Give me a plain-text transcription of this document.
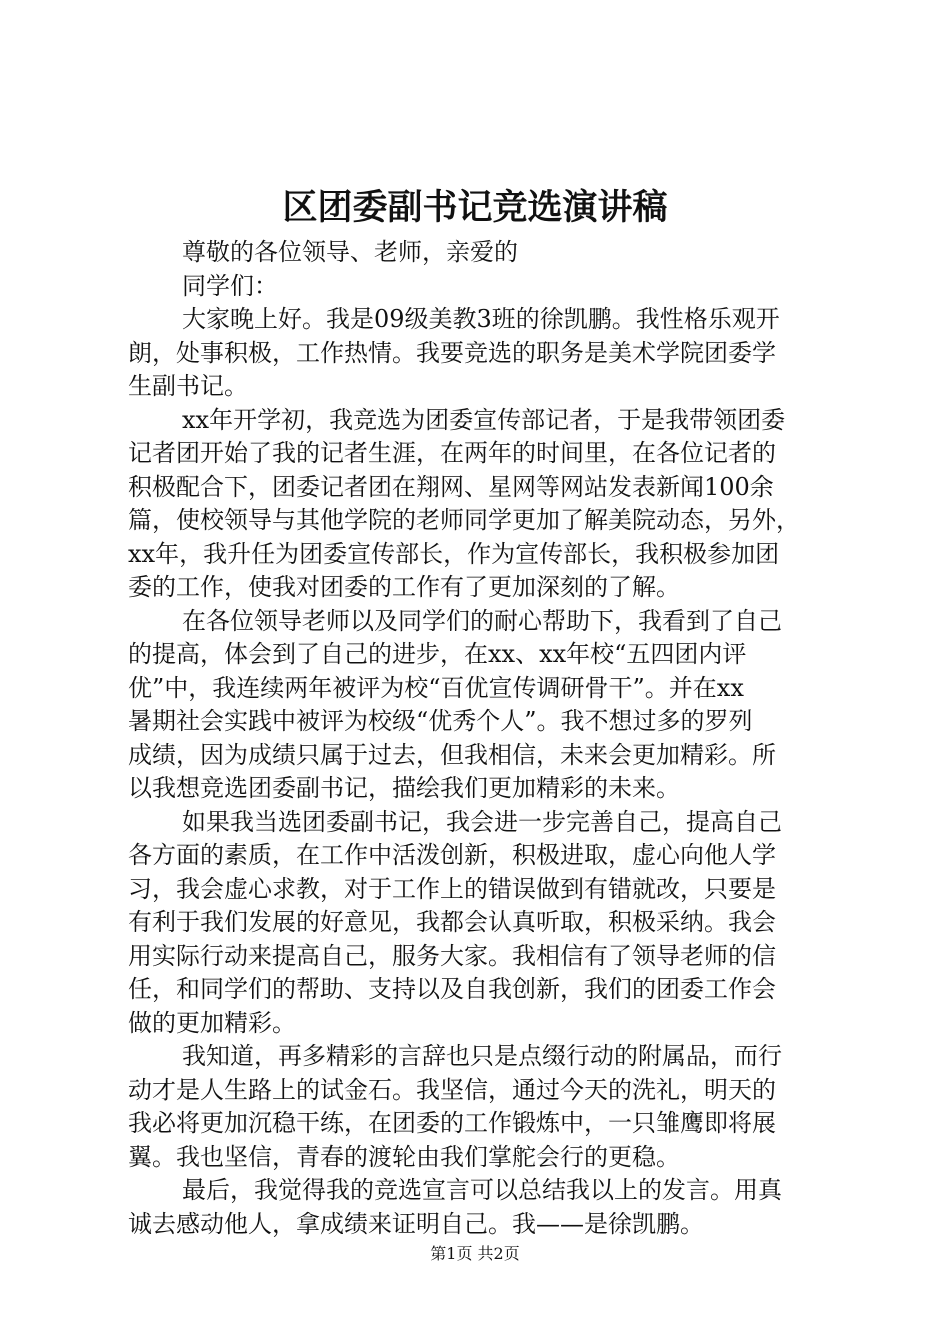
区团委副书记竞选演讲稿
尊敬的各位领导、老师，亲爱的
同学们：
大家晚上好。我是09级美教3班的徐凯鹏。我性格乐观开
朗，处事积极，工作热情。我要竞选的职务是美术学院团委学
生副书记。
xx年开学初，我竞选为团委宣传部记者，于是我带领团委
记者团开始了我的记者生涯，在两年的时间里，在各位记者的
积极配合下，团委记者团在翔网、星网等网站发表新闻100余
篇，使校领导与其他学院的老师同学更加了解美院动态，另外，
xx年，我升任为团委宣传部长，作为宣传部长，我积极参加团
委的工作，使我对团委的工作有了更加深刻的了解。
在各位领导老师以及同学们的耐心帮助下，我看到了自己
的提高，体会到了自己的进步，在xx、xx年校“五四团内评
优”中，我连续两年被评为校“百优宣传调研骨干”。并在xx
暑期社会实践中被评为校级“优秀个人”。我不想过多的罗列
成绩，因为成绩只属于过去，但我相信，未来会更加精彩。所
以我想竞选团委副书记，描绘我们更加精彩的未来。
如果我当选团委副书记，我会进一步完善自己，提高自己
各方面的素质，在工作中活泼创新，积极进取，虚心向他人学
习，我会虚心求教，对于工作上的错误做到有错就改，只要是
有利于我们发展的好意见，我都会认真听取，积极采纳。我会
用实际行动来提高自己，服务大家。我相信有了领导老师的信
任，和同学们的帮助、支持以及自我创新，我们的团委工作会
做的更加精彩。
我知道，再多精彩的言辞也只是点缀行动的附属品，而行
动才是人生路上的试金石。我坚信，通过今天的洗礼，明天的
我必将更加沉稳干练，在团委的工作锻炼中，一只雏鹰即将展
翼。我也坚信，青春的渡轮由我们掌舵会行的更稳。
最后，我觉得我的竞选宣言可以总结我以上的发言。用真
诚去感动他人，拿成绩来证明自己。我——是徐凯鹏。
第1页 共2页
